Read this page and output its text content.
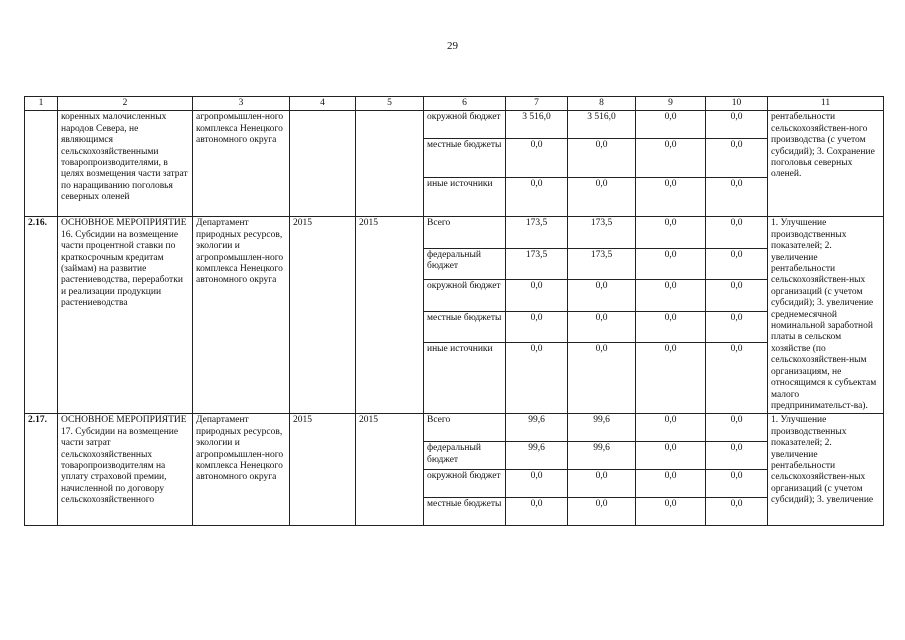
29
1	2	3	4	5	6	7	8	9	10	11
	коренных малочисленных народов Севера, не являющимся сельскохозяйственными товаропроизводителями, в целях возмещения части затрат по наращиванию поголовья северных оленей	агропромышлен-ного комплекса Ненецкого автономного округа			окружной бюджет	3 516,0	3 516,0	0,0	0,0	рентабельности сельскохозяйствен-ного производства (с учетом субсидий); 3. Сохранение поголовья северных оленей.
					местные бюджеты	0,0	0,0	0,0	0,0	
					иные источники	0,0	0,0	0,0	0,0	
2.16.	ОСНОВНОЕ МЕРОПРИЯТИЕ 16. Субсидии на возмещение части процентной ставки по краткосрочным кредитам (займам) на развитие растениеводства, переработки и реализации продукции растениеводства	Департамент природных ресурсов, экологии и агропромышлен-ного комплекса Ненецкого автономного округа	2015	2015	Всего	173,5	173,5	0,0	0,0	1. Улучшение производственных показателей; 2. увеличение рентабельности сельскохозяйствен-ных организаций (с учетом субсидий); 3. увеличение среднемесячной номинальной заработной платы в сельском хозяйстве (по сельскохозяйствен-ным организациям, не относящимся к субъектам малого предпринимательст-ва).
					федеральный бюджет	173,5	173,5	0,0	0,0	
					окружной бюджет	0,0	0,0	0,0	0,0	
					местные бюджеты	0,0	0,0	0,0	0,0	
					иные источники	0,0	0,0	0,0	0,0	
2.17.	ОСНОВНОЕ МЕРОПРИЯТИЕ 17. Субсидии на возмещение части затрат сельскохозяйственных товаропроизводителям на уплату страховой премии, начисленной по договору сельскохозяйственного	Департамент природных ресурсов, экологии и агропромышлен-ного комплекса Ненецкого автономного округа	2015	2015	Всего	99,6	99,6	0,0	0,0	1. Улучшение производственных показателей; 2. увеличение рентабельности сельскохозяйствен-ных организаций (с учетом субсидий); 3. увеличение
					федеральный бюджет	99,6	99,6	0,0	0,0	
					окружной бюджет	0,0	0,0	0,0	0,0	
					местные бюджеты	0,0	0,0	0,0	0,0	
